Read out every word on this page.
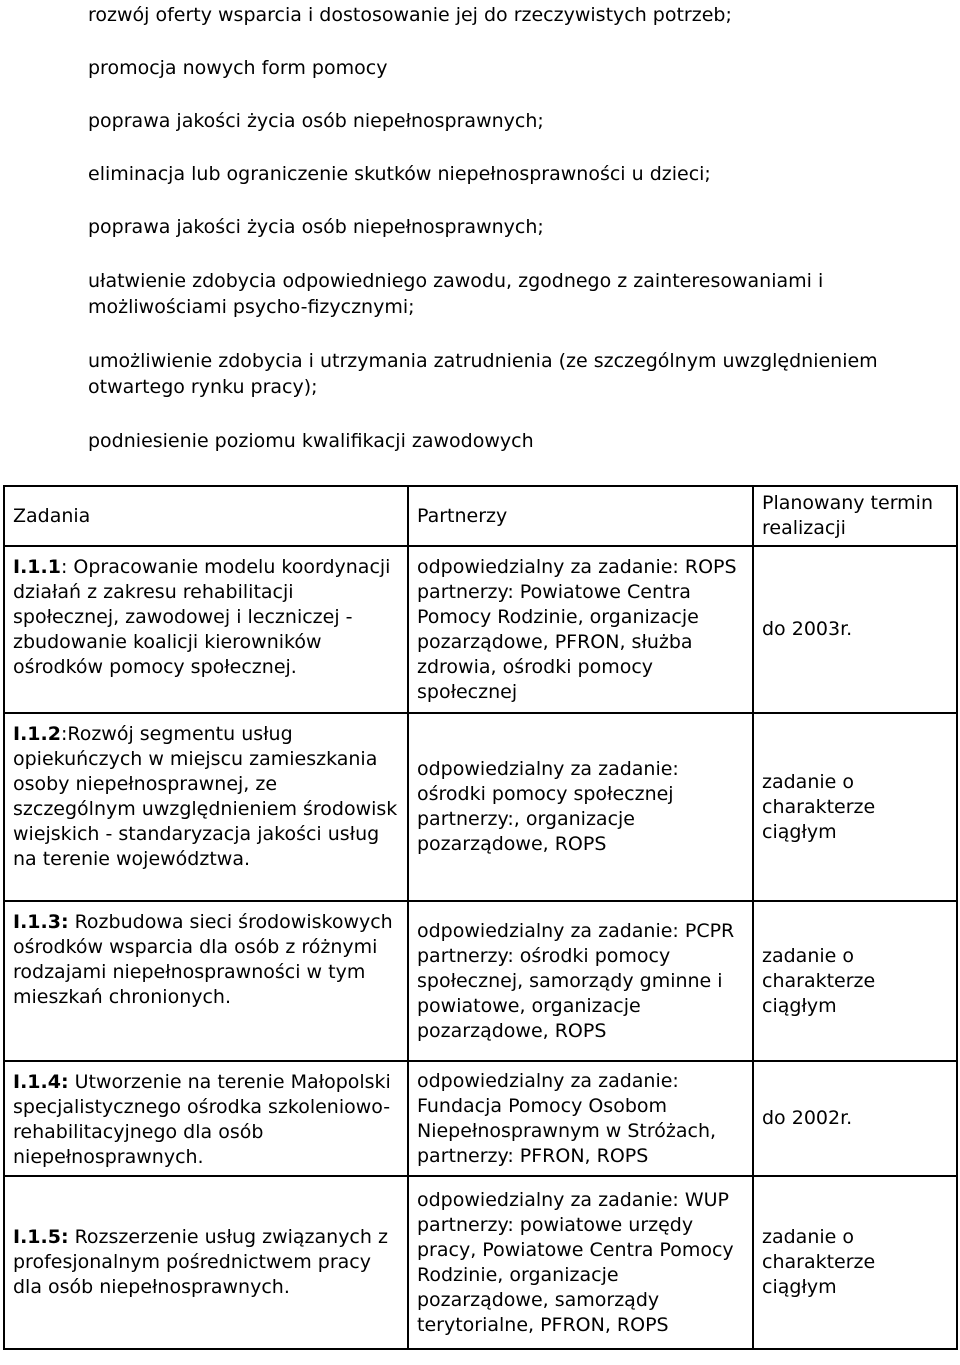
rozwój oferty wsparcia i dostosowanie jej do rzeczywistych potrzeb;

promocja nowych form pomocy

poprawa jakości życia osób niepełnosprawnych;

eliminacja lub ograniczenie skutków niepełnosprawności u dzieci;

poprawa jakości życia osób niepełnosprawnych;

ułatwienie zdobycia odpowiedniego zawodu, zgodnego z zainteresowaniami i możliwościami psycho-fizycznymi;

umożliwienie zdobycia i utrzymania zatrudnienia (ze szczególnym uwzględnieniem otwartego rynku pracy);

podniesienie poziomu kwalifikacji zawodowych

Zadania	Partnerzy	Planowany termin realizacji
I.1.1: Opracowanie modelu koordynacji działań z zakresu rehabilitacji społecznej, zawodowej i leczniczej - zbudowanie koalicji kierowników ośrodków pomocy społecznej.	odpowiedzialny za zadanie: ROPS partnerzy: Powiatowe Centra Pomocy Rodzinie, organizacje pozarządowe, PFRON, służba zdrowia, ośrodki pomocy społecznej	do 2003r.
I.1.2:Rozwój segmentu usług opiekuńczych w miejscu zamieszkania osoby niepełnosprawnej, ze szczególnym uwzględnieniem środowisk wiejskich - standaryzacja jakości usług na terenie województwa.	odpowiedzialny za zadanie: ośrodki pomocy społecznej partnerzy:, organizacje pozarządowe, ROPS	zadanie o charakterze ciągłym
I.1.3: Rozbudowa sieci środowiskowych ośrodków wsparcia dla osób z różnymi rodzajami niepełnosprawności w tym mieszkań chronionych.	odpowiedzialny za zadanie: PCPR partnerzy: ośrodki pomocy społecznej, samorządy gminne i powiatowe, organizacje pozarządowe, ROPS	zadanie o charakterze ciągłym
I.1.4: Utworzenie na terenie Małopolski specjalistycznego ośrodka szkoleniowo-rehabilitacyjnego dla osób niepełnosprawnych.	odpowiedzialny za zadanie: Fundacja Pomocy Osobom Niepełnosprawnym w Stróżach, partnerzy: PFRON, ROPS	do 2002r.
I.1.5: Rozszerzenie usług związanych z profesjonalnym pośrednictwem pracy dla osób niepełnosprawnych.	odpowiedzialny za zadanie: WUP partnerzy: powiatowe urzędy pracy, Powiatowe Centra Pomocy Rodzinie, organizacje pozarządowe, samorządy terytorialne, PFRON, ROPS	zadanie o charakterze ciągłym
